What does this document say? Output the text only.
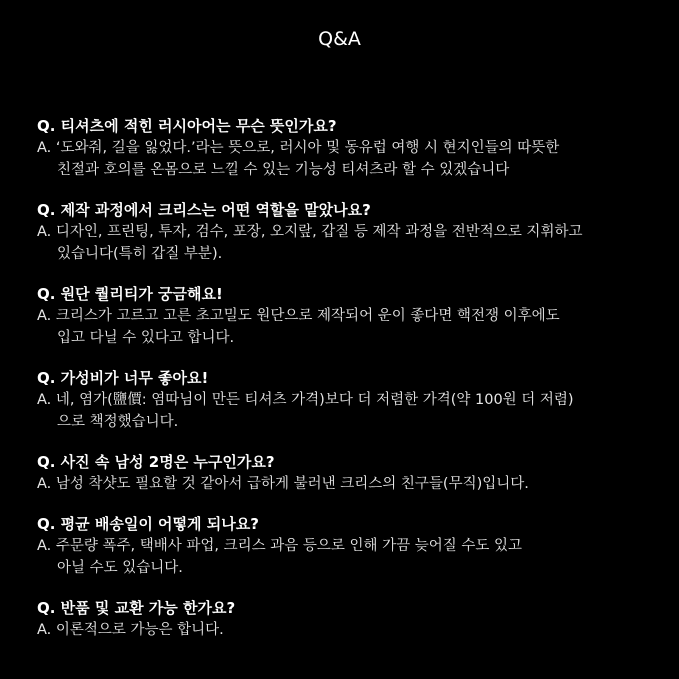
Q&A
Q. 티셔츠에 적힌 러시아어는 무슨 뜻인가요?
A. ‘도와줘, 길을 잃었다.’라는 뜻으로, 러시아 및 동유럽 여행 시 현지인들의 따뜻한
친절과 호의를 온몸으로 느낄 수 있는 기능성 티셔츠라 할 수 있겠습니다
Q. 제작 과정에서 크리스는 어떤 역할을 맡았나요?
A. 디자인, 프린팅, 투자, 검수, 포장, 오지랖, 갑질 등 제작 과정을 전반적으로 지휘하고
있습니다(특히 갑질 부분).
Q. 원단 퀄리티가 궁금해요!
A. 크리스가 고르고 고른 초고밀도 원단으로 제작되어 운이 좋다면 핵전쟁 이후에도
입고 다닐 수 있다고 합니다.
Q. 가성비가 너무 좋아요!
A. 네, 염가(鹽價: 염따님이 만든 티셔츠 가격)보다 더 저렴한 가격(약 100원 더 저렴)
으로 책정했습니다.
Q. 사진 속 남성 2명은 누구인가요?
A. 남성 착샷도 필요할 것 같아서 급하게 불러낸 크리스의 친구들(무직)입니다.
Q. 평균 배송일이 어떻게 되나요?
A. 주문량 폭주, 택배사 파업, 크리스 과음 등으로 인해 가끔 늦어질 수도 있고
아닐 수도 있습니다.
Q. 반품 및 교환 가능 한가요?
A. 이론적으로 가능은 합니다.
